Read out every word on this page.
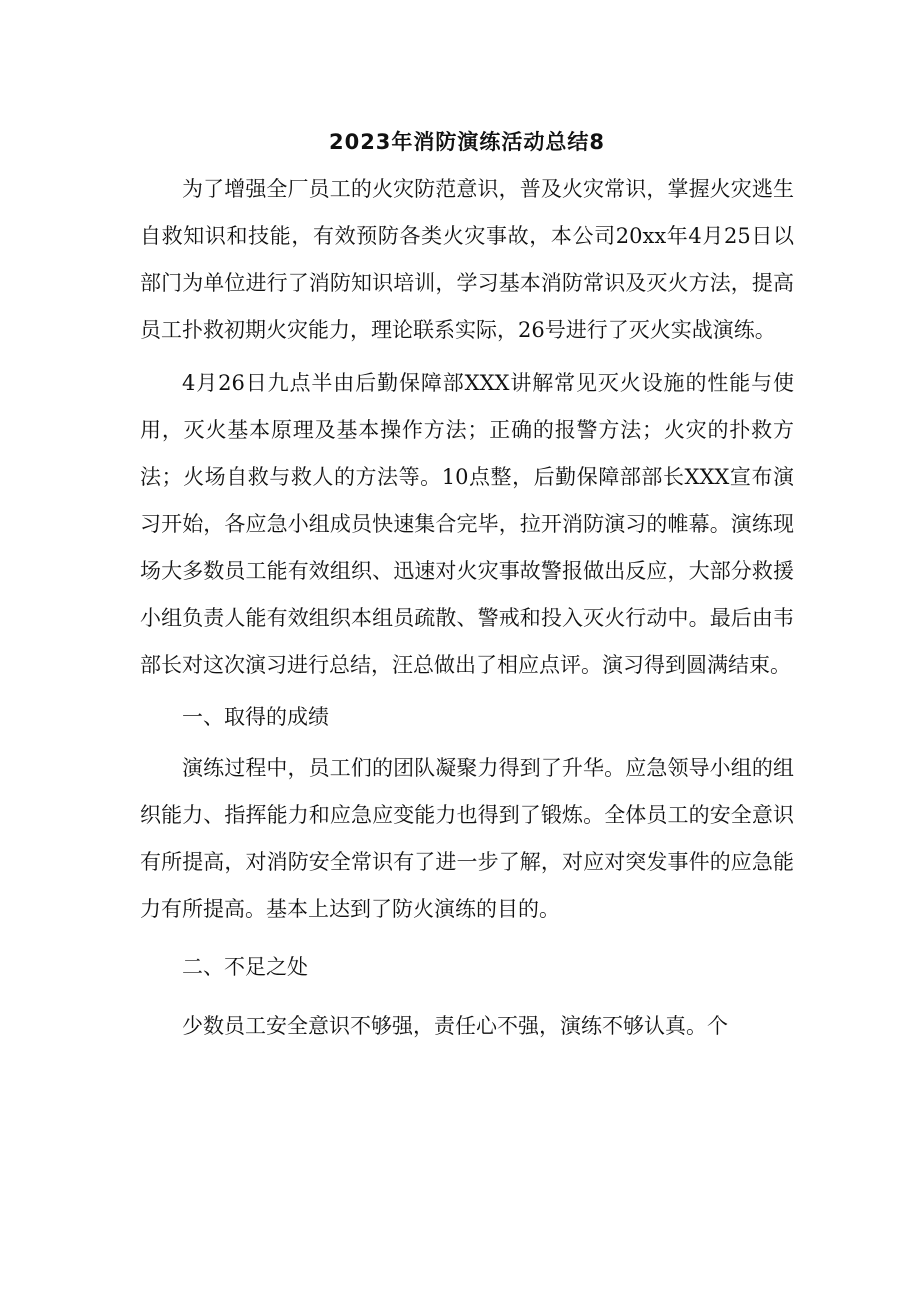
2023年消防演练活动总结8

为了增强全厂员工的火灾防范意识，普及火灾常识，掌握火灾逃生自救知识和技能，有效预防各类火灾事故，本公司20xx年4月25日以部门为单位进行了消防知识培训，学习基本消防常识及灭火方法，提高员工扑救初期火灾能力，理论联系实际，26号进行了灭火实战演练。

4月26日九点半由后勤保障部XXX讲解常见灭火设施的性能与使用，灭火基本原理及基本操作方法；正确的报警方法；火灾的扑救方法；火场自救与救人的方法等。10点整，后勤保障部部长XXX宣布演习开始，各应急小组成员快速集合完毕，拉开消防演习的帷幕。演练现场大多数员工能有效组织、迅速对火灾事故警报做出反应，大部分救援小组负责人能有效组织本组员疏散、警戒和投入灭火行动中。最后由韦部长对这次演习进行总结，汪总做出了相应点评。演习得到圆满结束。

一、取得的成绩

演练过程中，员工们的团队凝聚力得到了升华。应急领导小组的组织能力、指挥能力和应急应变能力也得到了锻炼。全体员工的安全意识有所提高，对消防安全常识有了进一步了解，对应对突发事件的应急能力有所提高。基本上达到了防火演练的目的。

二、不足之处

少数员工安全意识不够强，责任心不强，演练不够认真。个
